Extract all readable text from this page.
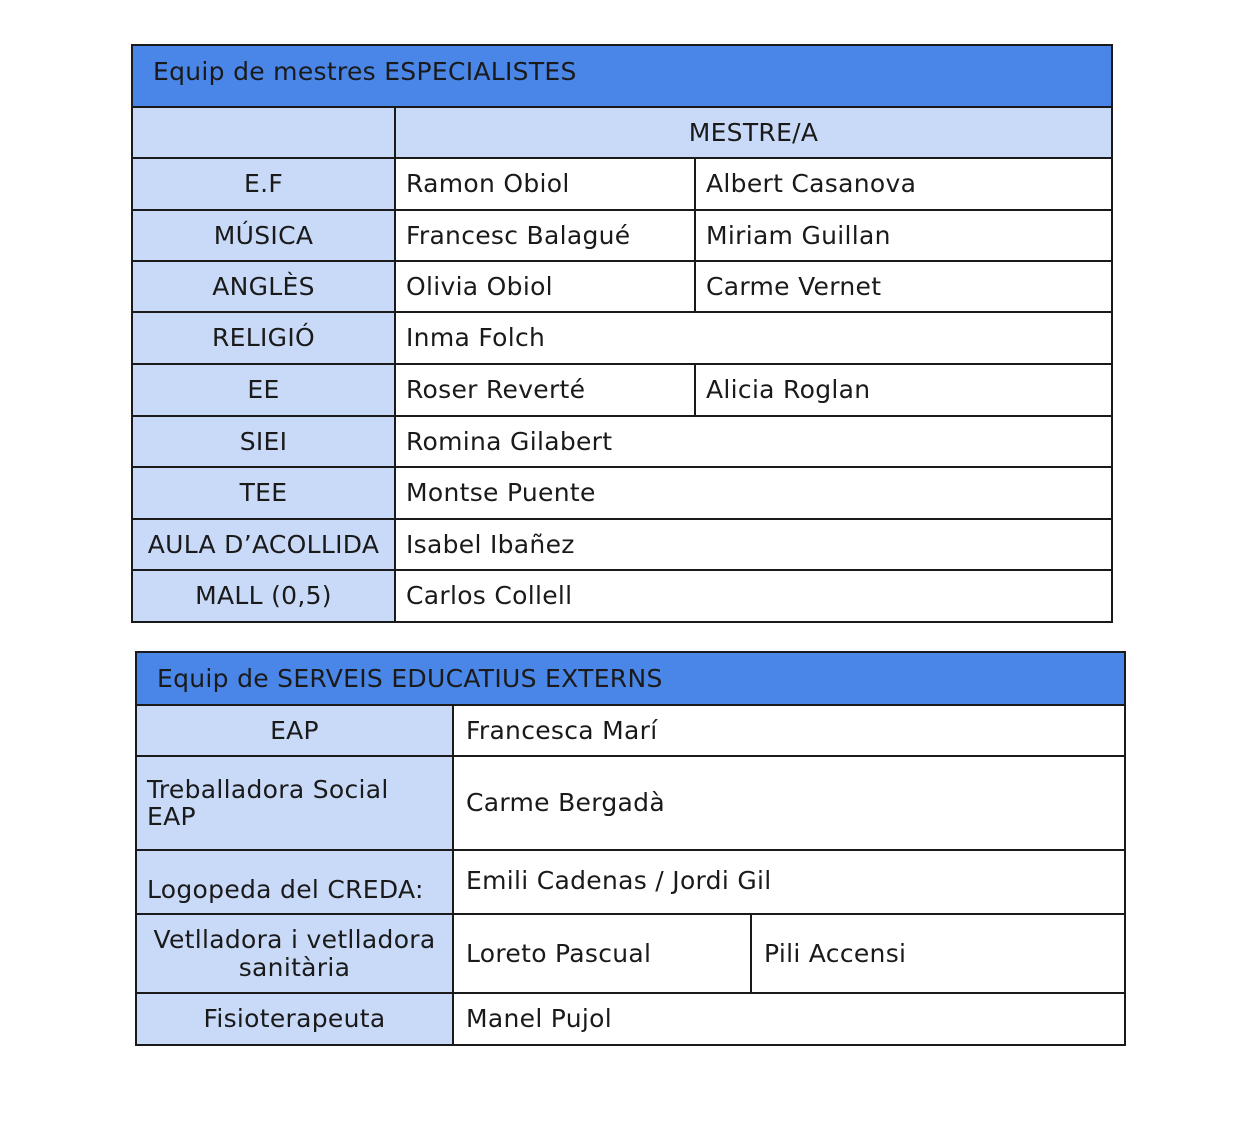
Equip de mestres ESPECIALISTES		
	MESTRE/A	
E.F	Ramon Obiol	Albert Casanova
MÚSICA	Francesc Balagué	Miriam Guillan
ANGLÈS	Olivia Obiol	Carme Vernet
RELIGIÓ	Inma Folch	
EE	Roser Reverté	Alicia Roglan
SIEI	Romina Gilabert	
TEE	Montse Puente	
AULA D’ACOLLIDA	Isabel Ibañez	
MALL (0,5)	Carlos Collell	
Equip de SERVEIS EDUCATIUS EXTERNS		
EAP	Francesca Marí	
Treballadora Social EAP	Carme Bergadà	
Logopeda del CREDA:	Emili Cadenas / Jordi Gil	
Vetlladora i vetlladora sanitària	Loreto Pascual	Pili Accensi
Fisioterapeuta	Manel Pujol	
